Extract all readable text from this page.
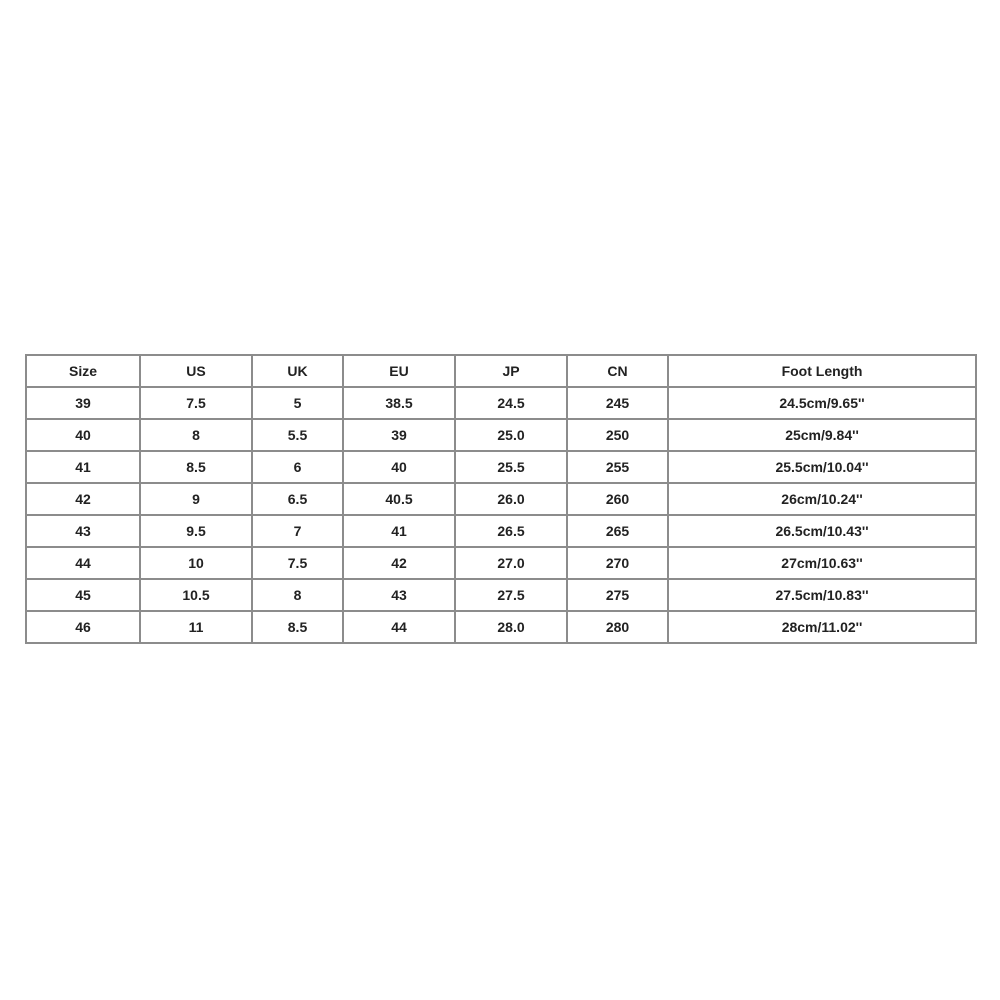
Size	US	UK	EU	JP	CN	Foot Length
39	7.5	5	38.5	24.5	245	24.5cm/9.65''
40	8	5.5	39	25.0	250	25cm/9.84''
41	8.5	6	40	25.5	255	25.5cm/10.04''
42	9	6.5	40.5	26.0	260	26cm/10.24''
43	9.5	7	41	26.5	265	26.5cm/10.43''
44	10	7.5	42	27.0	270	27cm/10.63''
45	10.5	8	43	27.5	275	27.5cm/10.83''
46	11	8.5	44	28.0	280	28cm/11.02''
